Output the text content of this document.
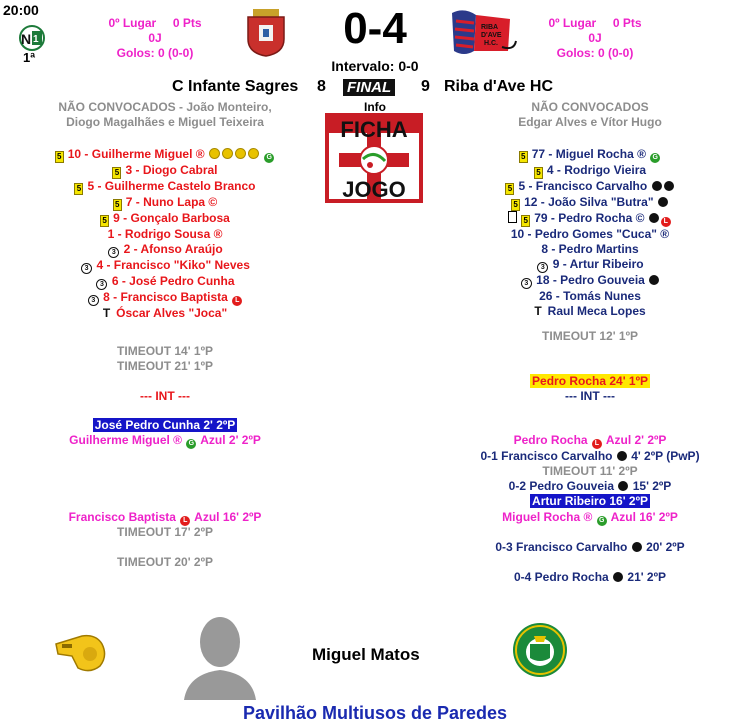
20:00
N 1
1ª
0º Lugar 0 Pts
0J
Golos: 0 (0-0)	0-4
Intervalo: 0-0
RIBA
D'AVE
H.C.
0º Lugar 0 Pts
0J
Golos: 0 (0-0)
C Infante Sagres 8 FINAL 9 Riba d'Ave HC
Info
FICHA
JOGO
NÃO CONVOCADOS - João Monteiro,
Diogo Magalhães e Miguel Teixeira
NÃO CONVOCADOS
Edgar Alves e Vítor Hugo
5 10 - Guilherme Miguel ®	G
5 3 - Diogo Cabral
5 5 - Guilherme Castelo Branco
5 7 - Nuno Lapa ©
5 9 - Gonçalo Barbosa
1 - Rodrigo Sousa ®
3 2 - Afonso Araújo
3 4 - Francisco "Kiko" Neves
3 6 - José Pedro Cunha
3 8 - Francisco Baptista L
T Óscar Alves "Joca"
5 77 - Miguel Rocha ® G
5 4 - Rodrigo Vieira
5 5 - Francisco Carvalho
5 12 - João Silva "Butra"
5 79 - Pedro Rocha ©	L
10 - Pedro Gomes "Cuca" ®
8 - Pedro Martins
3 9 - Artur Ribeiro
3 18 - Pedro Gouveia
26 - Tomás Nunes
T Raul Meca Lopes
TIMEOUT 14' 1ºP
TIMEOUT 21' 1ºP
--- INT ---
José Pedro Cunha 2' 2ºP
Guilherme Miguel ® G Azul 2' 2ºP
Francisco Baptista L Azul 16' 2ºP
TIMEOUT 17' 2ºP
TIMEOUT 20' 2ºP
TIMEOUT 12' 1ºP
Pedro Rocha 24' 1ºP
--- INT ---
Pedro Rocha L Azul 2' 2ºP
0-1 Francisco Carvalho 4' 2ºP (PwP)
TIMEOUT 11' 2ºP
0-2 Pedro Gouveia 15' 2ºP
Artur Ribeiro 16' 2ºP
Miguel Rocha ® G Azul 16' 2ºP
0-3 Francisco Carvalho 20' 2ºP
0-4 Pedro Rocha 21' 2ºP
Miguel Matos
Pavilhão Multiusos de Paredes
